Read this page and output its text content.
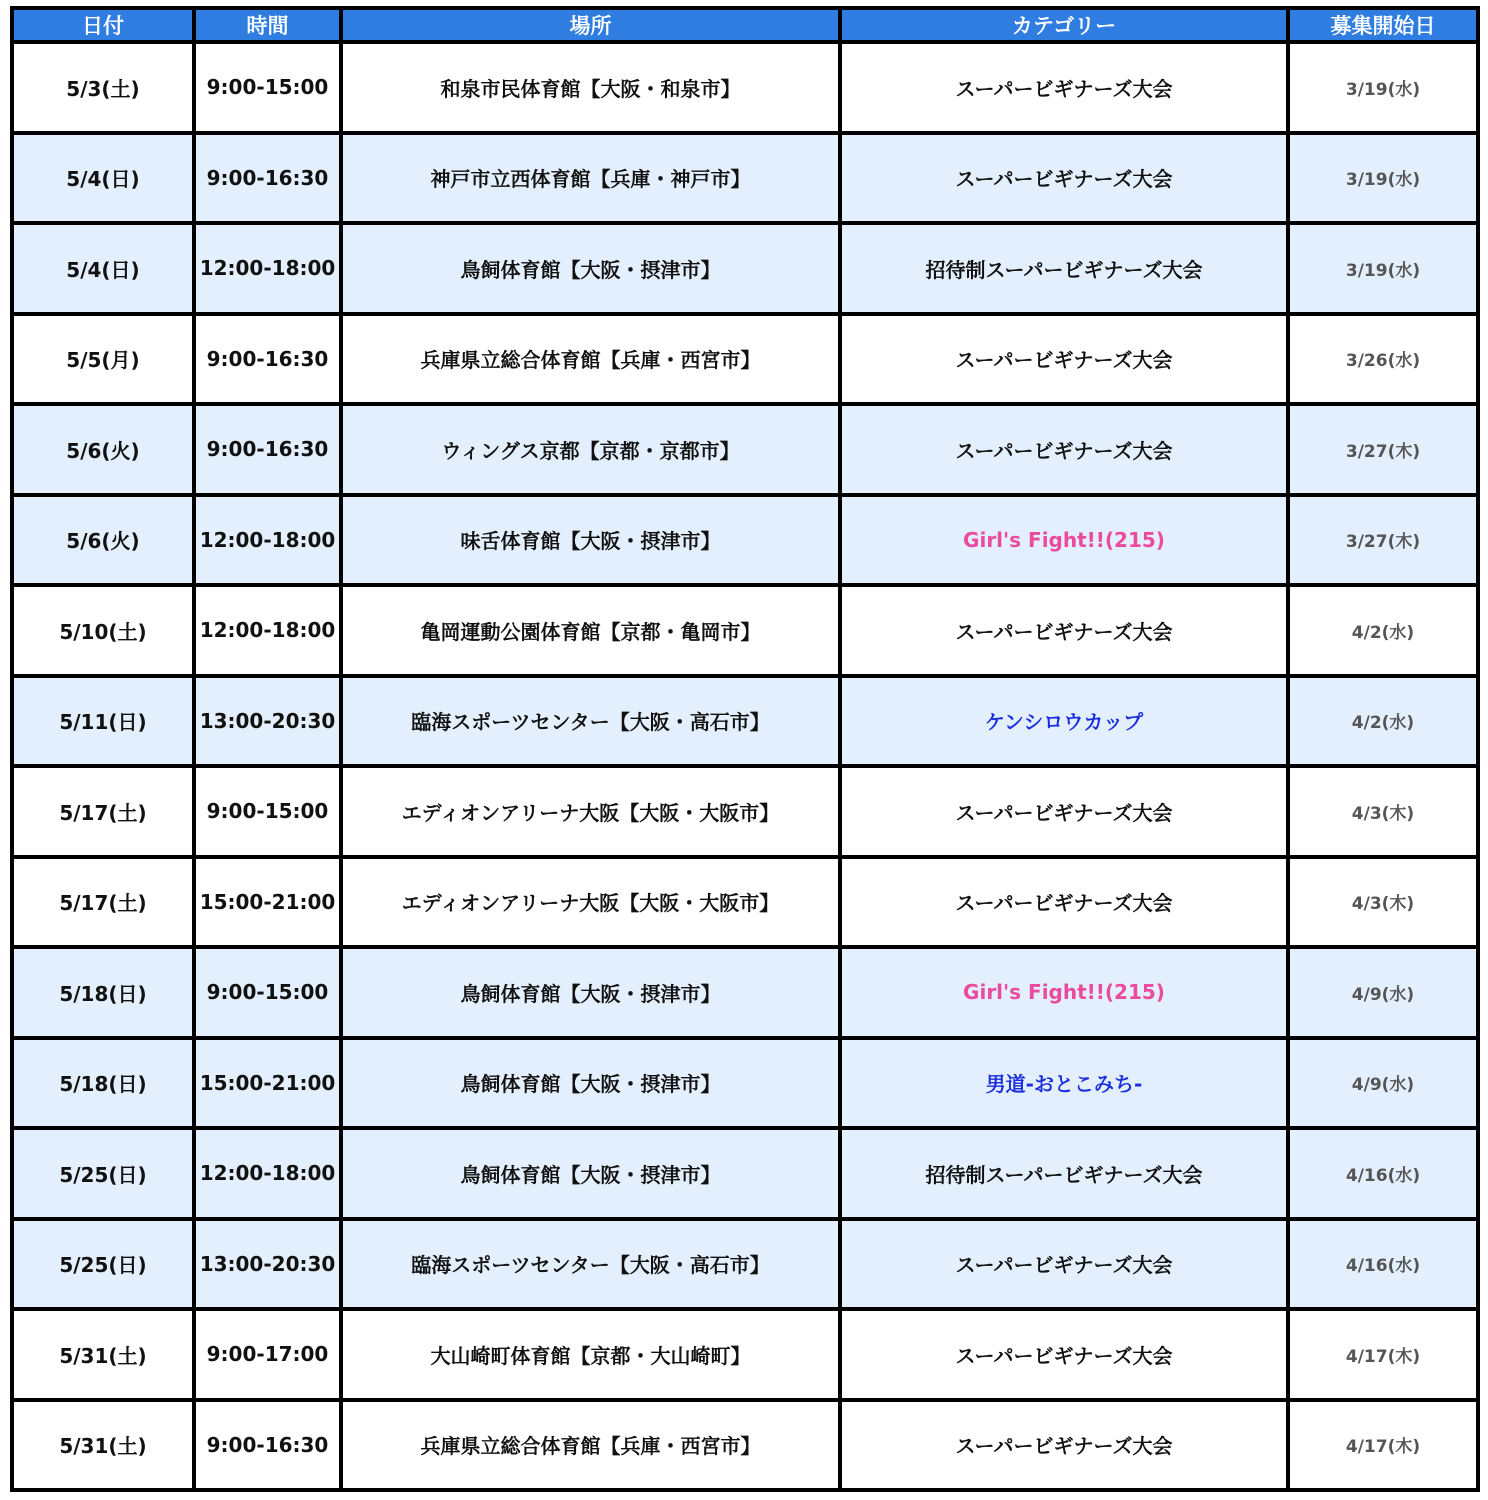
日付	時間	場所	カテゴリー	募集開始日
5/3(土)	9:00-15:00	和泉市民体育館【大阪・和泉市】	スーパービギナーズ大会	3/19(水)
5/4(日)	9:00-16:30	神戸市立西体育館【兵庫・神戸市】	スーパービギナーズ大会	3/19(水)
5/4(日)	12:00-18:00	鳥飼体育館【大阪・摂津市】	招待制スーパービギナーズ大会	3/19(水)
5/5(月)	9:00-16:30	兵庫県立総合体育館【兵庫・西宮市】	スーパービギナーズ大会	3/26(水)
5/6(火)	9:00-16:30	ウィングス京都【京都・京都市】	スーパービギナーズ大会	3/27(木)
5/6(火)	12:00-18:00	味舌体育館【大阪・摂津市】	Girl's Fight!!(215)	3/27(木)
5/10(土)	12:00-18:00	亀岡運動公園体育館【京都・亀岡市】	スーパービギナーズ大会	4/2(水)
5/11(日)	13:00-20:30	臨海スポーツセンター【大阪・高石市】	ケンシロウカップ	4/2(水)
5/17(土)	9:00-15:00	エディオンアリーナ大阪【大阪・大阪市】	スーパービギナーズ大会	4/3(木)
5/17(土)	15:00-21:00	エディオンアリーナ大阪【大阪・大阪市】	スーパービギナーズ大会	4/3(木)
5/18(日)	9:00-15:00	鳥飼体育館【大阪・摂津市】	Girl's Fight!!(215)	4/9(水)
5/18(日)	15:00-21:00	鳥飼体育館【大阪・摂津市】	男道-おとこみち-	4/9(水)
5/25(日)	12:00-18:00	鳥飼体育館【大阪・摂津市】	招待制スーパービギナーズ大会	4/16(水)
5/25(日)	13:00-20:30	臨海スポーツセンター【大阪・高石市】	スーパービギナーズ大会	4/16(水)
5/31(土)	9:00-17:00	大山崎町体育館【京都・大山崎町】	スーパービギナーズ大会	4/17(木)
5/31(土)	9:00-16:30	兵庫県立総合体育館【兵庫・西宮市】	スーパービギナーズ大会	4/17(木)
